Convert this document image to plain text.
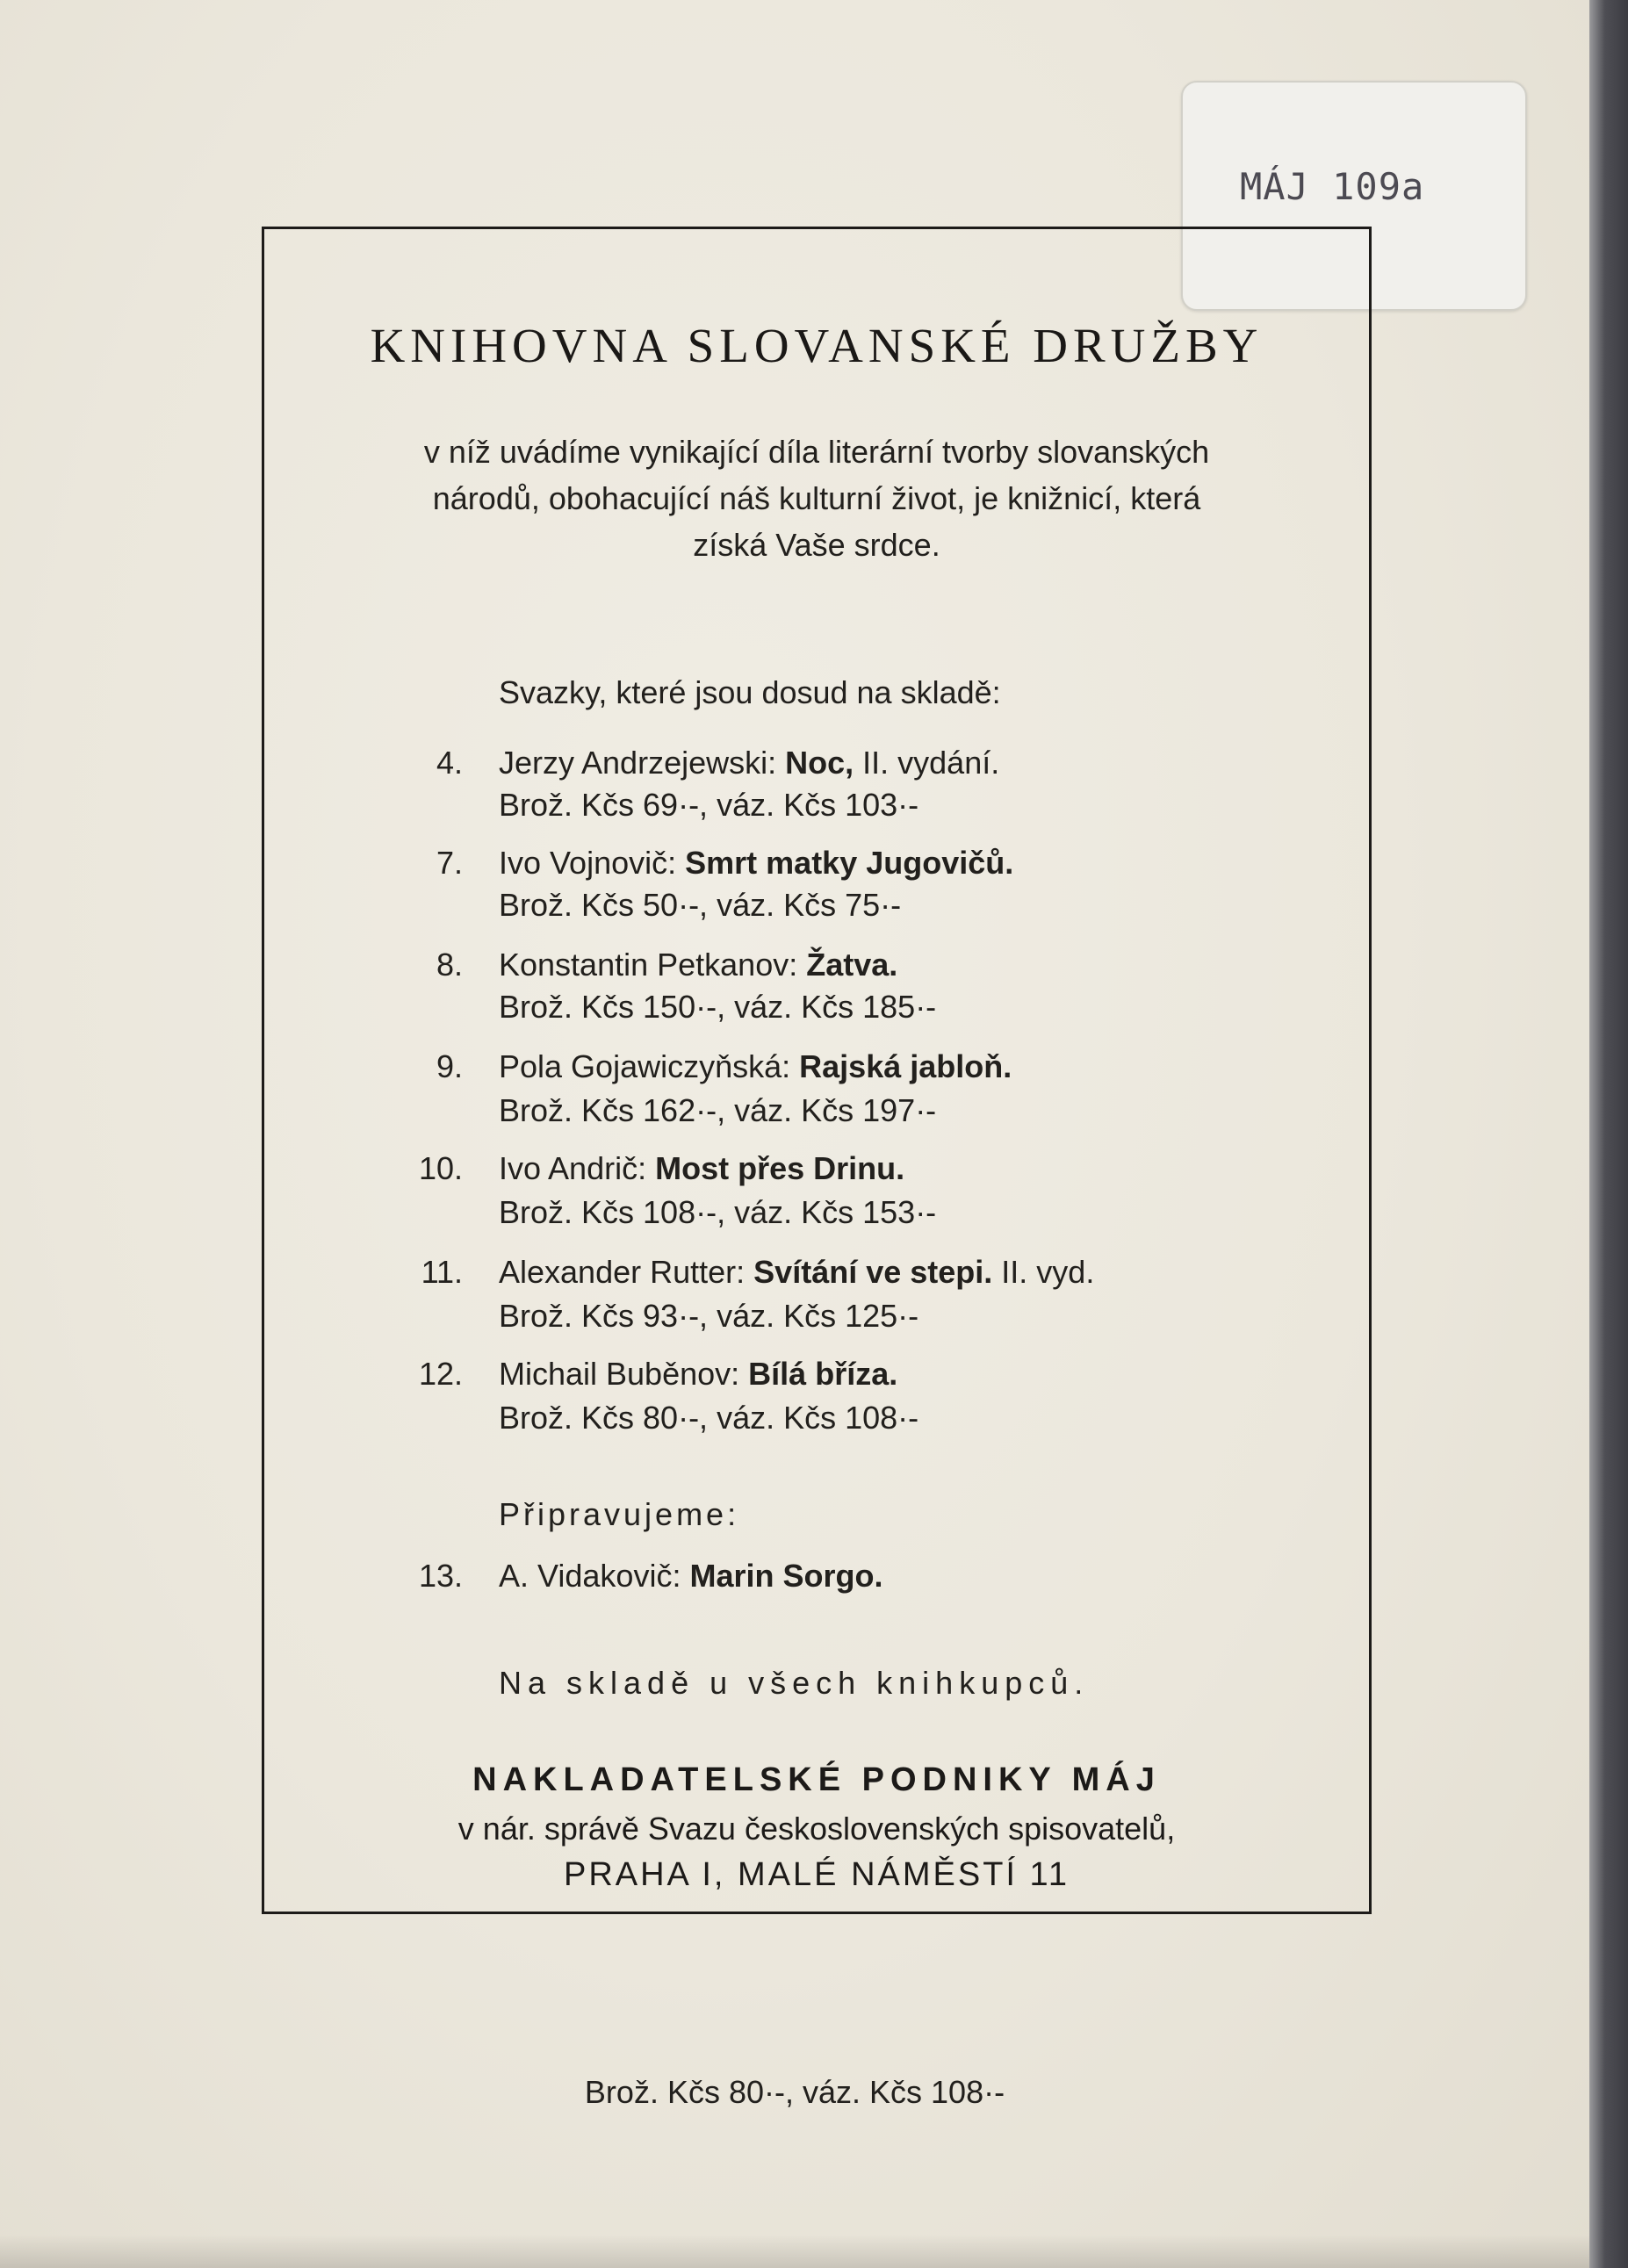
MÁJ 109a
KNIHOVNA SLOVANSKÉ DRUŽBY
v níž uvádíme vynikající díla literární tvorby slovanských
národů, obohacující náš kulturní život, je knižnicí, která
získá Vaše srdce.
Svazky, které jsou dosud na skladě:
4. Jerzy Andrzejewski: Noc, II. vydání.
Brož. Kčs 69·-, váz. Kčs 103·-
7. Ivo Vojnovič: Smrt matky Jugovičů.
Brož. Kčs 50·-, váz. Kčs 75·-
8. Konstantin Petkanov: Žatva.
Brož. Kčs 150·-, váz. Kčs 185·-
9. Pola Gojawiczyňská: Rajská jabloň.
Brož. Kčs 162·-, váz. Kčs 197·-
10. Ivo Andrič: Most přes Drinu.
Brož. Kčs 108·-, váz. Kčs 153·-
11. Alexander Rutter: Svítání ve stepi. II. vyd.
Brož. Kčs 93·-, váz. Kčs 125·-
12. Michail Buběnov: Bílá bříza.
Brož. Kčs 80·-, váz. Kčs 108·-
Připravujeme:
13. A. Vidakovič: Marin Sorgo.
Na skladě u všech knihkupců.
NAKLADATELSKÉ PODNIKY MÁJ
v nár. správě Svazu československých spisovatelů,
PRAHA I, MALÉ NÁMĚSTÍ 11
Brož. Kčs 80·-, váz. Kčs 108·-
